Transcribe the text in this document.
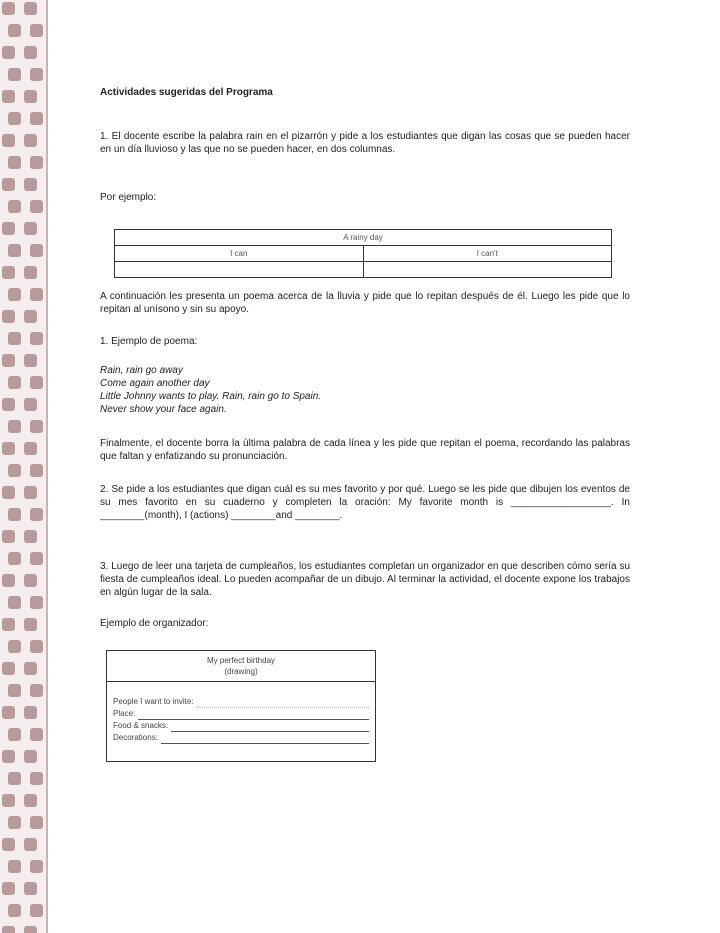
Actividades sugeridas del Programa
1. El docente escribe la palabra rain en el pizarrón y pide a los estudiantes que digan las cosas que se pueden hacer en un día lluvioso y las que no se pueden hacer, en dos columnas.
Por ejemplo:
A rainy day	
I can	I can't

A continuación les presenta un poema acerca de la lluvia y pide que lo repitan después de él. Luego les pide que lo repitan al unísono y sin su apoyo.
1. Ejemplo de poema:
Rain, rain go away
Come again another day
Little Johnny wants to play. Rain, rain go to Spain.
Never show your face again.
Finalmente, el docente borra la última palabra de cada línea y les pide que repitan el poema, recordando las palabras que faltan y enfatizando su pronunciación.
2. Se pide a los estudiantes que digan cuál es su mes favorito y por qué. Luego se les pide que dibujen los eventos de su mes favorito en su cuaderno y completen la oración: My favorite month is __________________. In ________(month), I (actions) ________and ________.
3. Luego de leer una tarjeta de cumpleaños, los estudiantes completan un organizador en que describen cómo sería su fiesta de cumpleaños ideal. Lo pueden acompañar de un dibujo. Al terminar la actividad, el docente expone los trabajos en algún lugar de la sala.
Ejemplo de organizador:
My perfect birthday
(drawing)
People I want to invite:
Place:
Food & snacks:
Decorations:
